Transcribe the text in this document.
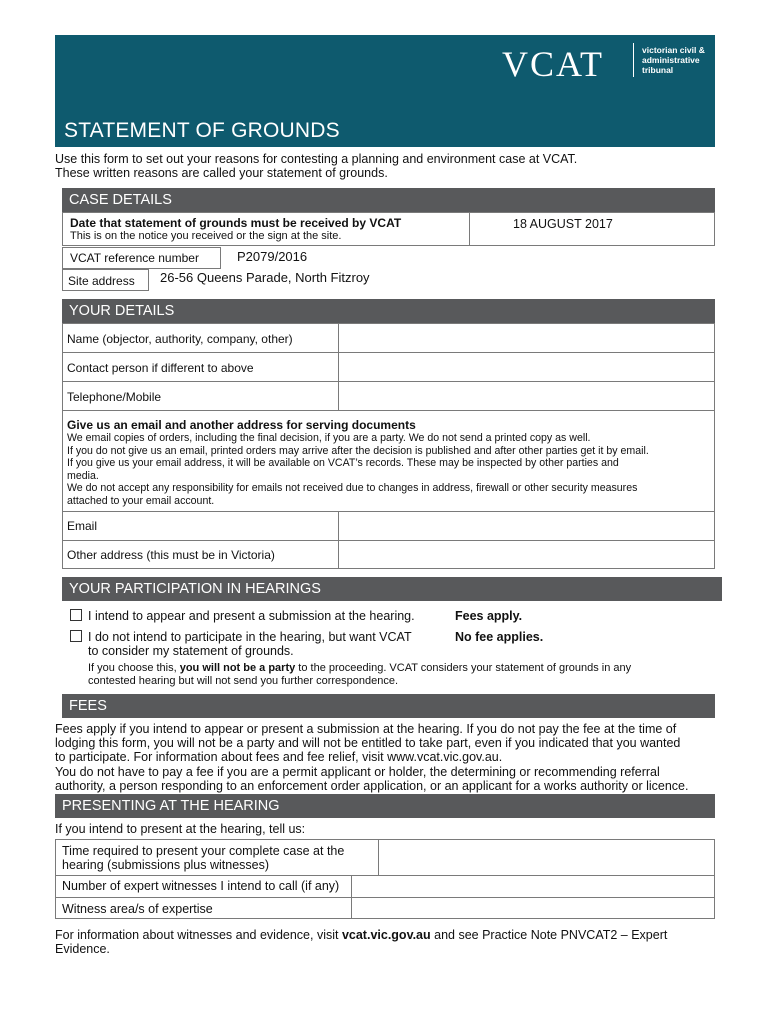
VCAT	victorian civil &
administrative
tribunal
STATEMENT OF GROUNDS
Use this form to set out your reasons for contesting a planning and environment case at VCAT.
These written reasons are called your statement of grounds.
CASE DETAILS
Date that statement of grounds must be received by VCAT
This is on the notice you received or the sign at the site.
18 AUGUST 2017
VCAT reference number	P2079/2016
Site address 26-56 Queens Parade, North Fitzroy
YOUR DETAILS
Name (objector, authority, company, other)
Contact person if different to above
Telephone/Mobile
Give us an email and another address for serving documents
We email copies of orders, including the final decision, if you are a party. We do not send a printed copy as well.
If you do not give us an email, printed orders may arrive after the decision is published and after other parties get it by email.
If you give us your email address, it will be available on VCAT’s records. These may be inspected by other parties and
media.
We do not accept any responsibility for emails not received due to changes in address, firewall or other security measures
attached to your email account.
Email
Other address (this must be in Victoria)
YOUR PARTICIPATION IN HEARINGS
I intend to appear and present a submission at the hearing.	Fees apply.
I do not intend to participate in the hearing, but want VCAT
to consider my statement of grounds.
No fee applies.
If you choose this, you will not be a party to the proceeding. VCAT considers your statement of grounds in any
contested hearing but will not send you further correspondence.
FEES
Fees apply if you intend to appear or present a submission at the hearing. If you do not pay the fee at the time of
lodging this form, you will not be a party and will not be entitled to take part, even if you indicated that you wanted
to participate. For information about fees and fee relief, visit www.vcat.vic.gov.au.
You do not have to pay a fee if you are a permit applicant or holder, the determining or recommending referral
authority, a person responding to an enforcement order application, or an applicant for a works authority or licence.
PRESENTING AT THE HEARING
If you intend to present at the hearing, tell us:
Time required to present your complete case at the
hearing (submissions plus witnesses)
Number of expert witnesses I intend to call (if any)
Witness area/s of expertise
For information about witnesses and evidence, visit vcat.vic.gov.au and see Practice Note PNVCAT2 – Expert
Evidence.
